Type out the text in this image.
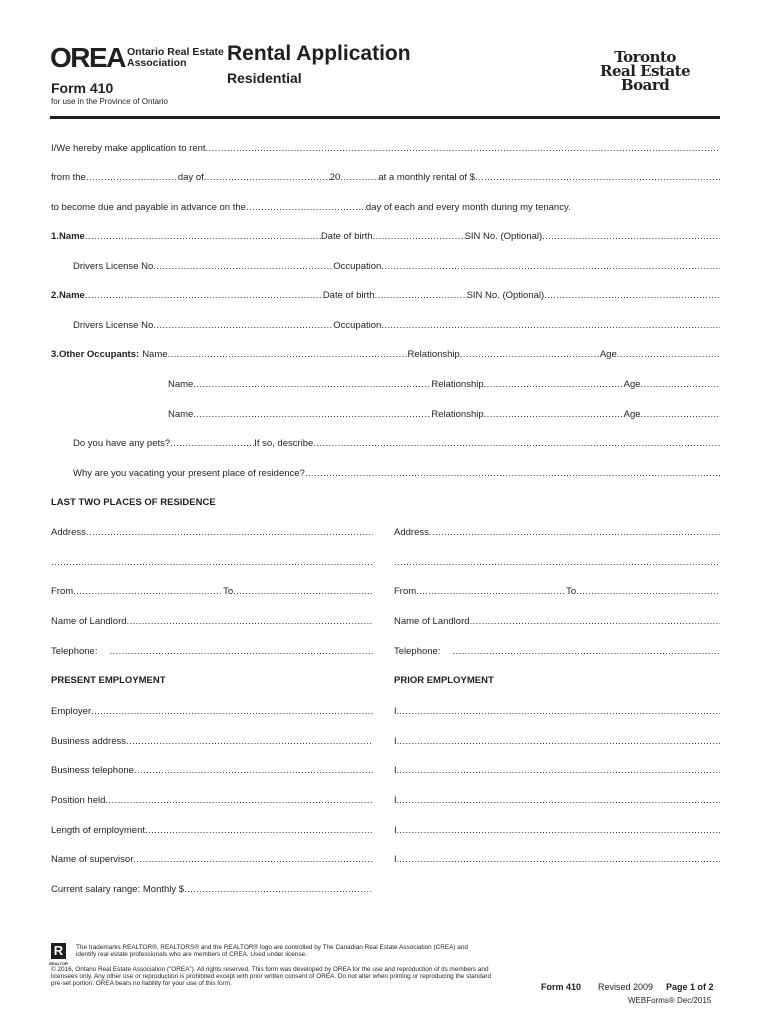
OREA Ontario Real Estate
Association
Form 410
for use in the Province of Ontario
Rental Application
Residential
Toronto
Real Estate
Board
I/We hereby make application to rent
.....
from the .....	day of .....	20 .....	at a monthly rental of $
.....
to become due and payable in advance on the .....	day of each and every month during my tenancy.
1. Name .....	Date of birth .....	SIN No. (Optional)
.....
Drivers License No .....	Occupation
.....
2. Name .....	Date of birth .....	SIN No. (Optional)
.....
Drivers License No .....	Occupation
.....
3. Other Occupants: Name .....	Relationship .....	Age
.....
Name .....	Relationship .....	Age
.....
Name .....	Relationship .....	Age
.....
Do you have any pets? .....	If so, describe
.....
Why are you vacating your present place of residence?
.....
LAST TWO PLACES OF RESIDENCE
Address .....	Address
.....
.....
.....
From .....	To .....	From .....	To
.....
Name of Landlord .....	Name of Landlord
.....
Telephone: .....	Telephone:
.....
PRESENT EMPLOYMENT	PRIOR EMPLOYMENT
Employer .....	I.
.....
Business address .....	I.
.....
Business telephone .....	I.
.....
Position held .....	I.
.....
Length of employment .....	I.
.....
Name of supervisor .....	I.
.....
Current salary range: Monthly $
.....
R
REALTOR
The trademarks REALTOR®, REALTORS® and the REALTOR® logo are controlled by The Canadian Real Estate Association (CREA) and identify real estate professionals who are members of CREA. Used under license.
© 2016, Ontario Real Estate Association ("OREA"). All rights reserved. This form was developed by OREA for the use and reproduction of its members and licensees only. Any other use or reproduction is prohibited except with prior written consent of OREA. Do not alter when printing or reproducing the standard pre-set portion. OREA bears no liability for your use of this form.	Form 410 Revised 2009 Page 1 of 2
WEBForms® Dec/2015
